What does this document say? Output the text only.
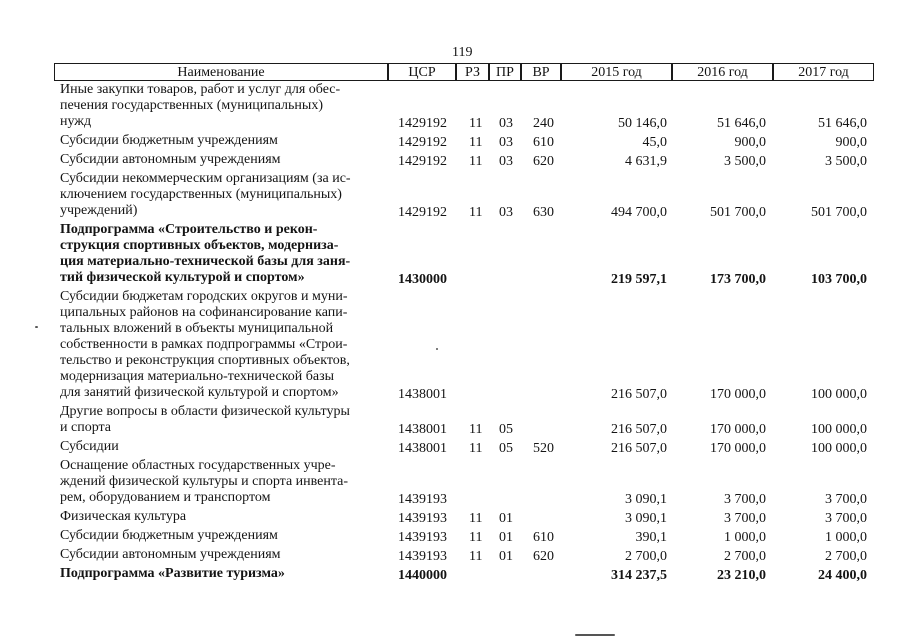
119
Наименование	ЦСР	РЗ	ПР	ВР	2015 год	2016 год	2017 год
Иные закупки товаров, работ и услуг для обес-
печения государственных (муниципальных)
нужд	1429192 11 03 240	50 146,0	51 646,0	51 646,0
Субсидии бюджетным учреждениям	1429192 11 03 610	45,0	900,0	900,0
Субсидии автономным учреждениям	1429192 11 03 620	4 631,9	3 500,0	3 500,0
Субсидии некоммерческим организациям (за ис-
ключением государственных (муниципальных)
учреждений)	1429192 11 03 630	494 700,0	501 700,0	501 700,0
Подпрограмма «Строительство и рекон-
струкция спортивных объектов, модерниза-
ция материально-технической базы для заня-
тий физической культурой и спортом»	1430000	219 597,1	173 700,0	103 700,0
Субсидии бюджетам городских округов и муни-
ципальных районов на софинансирование капи-
тальных вложений в объекты муниципальной
собственности в рамках подпрограммы «Строи-
тельство и реконструкция спортивных объектов,
модернизация материально-технической базы
для занятий физической культурой и спортом»	1438001	216 507,0	170 000,0	100 000,0
Другие вопросы в области физической культуры
и спорта	1438001 11 05	216 507,0	170 000,0	100 000,0
Субсидии	1438001 11 05 520	216 507,0	170 000,0	100 000,0
Оснащение областных государственных учре-
ждений физической культуры и спорта инвента-
рем, оборудованием и транспортом	1439193	3 090,1	3 700,0	3 700,0
Физическая культура	1439193 11 01	3 090,1	3 700,0	3 700,0
Субсидии бюджетным учреждениям	1439193 11 01 610	390,1	1 000,0	1 000,0
Субсидии автономным учреждениям	1439193 11 01 620	2 700,0	2 700,0	2 700,0
Подпрограмма «Развитие туризма»	1440000	314 237,5	23 210,0	24 400,0
